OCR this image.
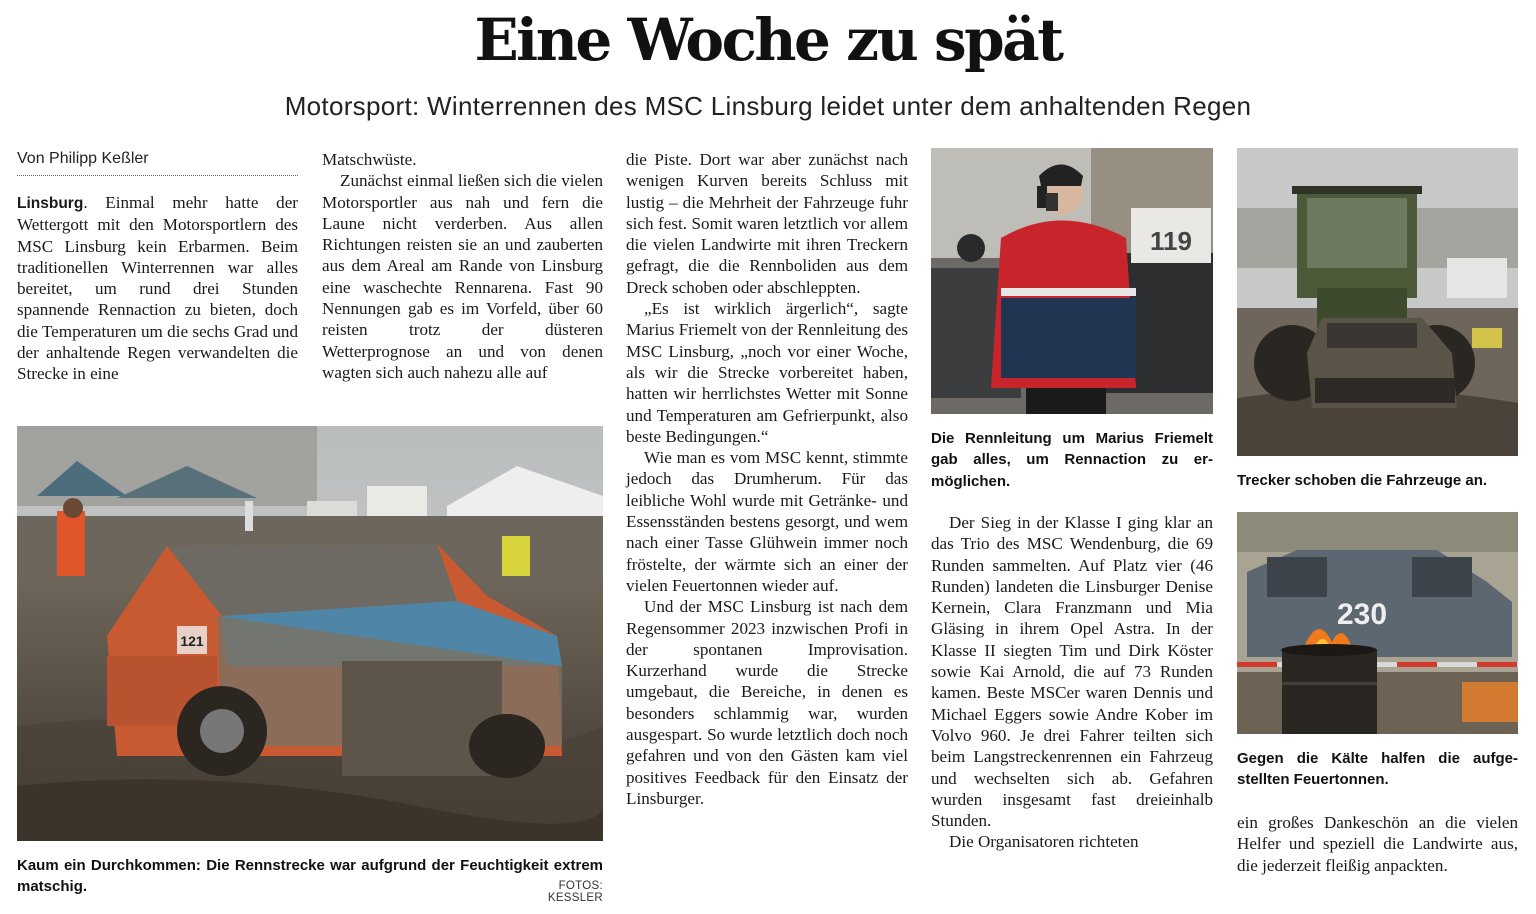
Eine Woche zu spät
Motorsport: Winterrennen des MSC Linsburg leidet unter dem anhaltenden Regen
Von Philipp Keßler

Linsburg. Einmal mehr hatte der Wettergott mit den Motorsportlern des MSC Linsburg kein Erbarmen. Beim traditionellen Winterrennen war alles bereitet, um rund drei Stunden spannende Rennaction zu bieten, doch die Temperaturen um die sechs Grad und der anhaltende Regen verwandelten die Strecke in eine

Matschwüste.

Zunächst einmal ließen sich die vielen Motorsportler aus nah und fern die Laune nicht verderben. Aus allen Richtungen reisten sie an und zauberten aus dem Areal am Rande von Linsburg eine waschechte Rennarena. Fast 90 Nennungen gab es im Vorfeld, über 60 reisten trotz der düsteren Wetterprognose an und von denen wagten sich auch nahezu alle auf

die Piste. Dort war aber zunächst nach wenigen Kurven bereits Schluss mit lustig – die Mehrheit der Fahrzeuge fuhr sich fest. Somit waren letztlich vor allem die vielen Landwirte mit ihren Treckern gefragt, die die Rennboliden aus dem Dreck schoben oder abschleppten.

„Es ist wirklich ärgerlich“, sagte Marius Friemelt von der Rennleitung des MSC Linsburg, „noch vor einer Woche, als wir die Strecke vorbereitet haben, hatten wir herrlichstes Wetter mit Sonne und Temperaturen am Gefrierpunkt, also beste Bedingungen.“

Wie man es vom MSC kennt, stimmte jedoch das Drumherum. Für das leibliche Wohl wurde mit Getränke- und Essensständen bestens gesorgt, und wem nach einer Tasse Glühwein immer noch fröstelte, der wärmte sich an einer der vielen Feuertonnen wieder auf.

Und der MSC Linsburg ist nach dem Regensommer 2023 inzwischen Profi in der spontanen Improvisation. Kurzerhand wurde die Strecke umgebaut, die Bereiche, in denen es besonders schlammig war, wurden ausgespart. So wurde letztlich doch noch gefahren und von den Gästen kam viel positives Feedback für den Einsatz der Linsburger.

Der Sieg in der Klasse I ging klar an das Trio des MSC Wendenburg, die 69 Runden sammelten. Auf Platz vier (46 Runden) landeten die Linsburger Denise Kernein, Clara Franzmann und Mia Gläsing in ihrem Opel Astra. In der Klasse II siegten Tim und Dirk Köster sowie Kai Arnold, die auf 73 Runden kamen. Beste MSCer waren Dennis und Michael Eggers sowie Andre Kober im Volvo 960. Je drei Fahrer teilten sich beim Langstreckenrennen ein Fahrzeug und wechselten sich ab. Gefahren wurden insgesamt fast dreieinhalb Stunden.

Die Organisatoren richteten

ein großes Dankeschön an die vielen Helfer und speziell die Landwirte aus, die jederzeit fleißig anpackten.

121
Kaum ein Durchkommen: Die Rennstrecke war aufgrund der Feuchtigkeit extrem matschig.	FOTOS: KESSLER
119
Die Rennleitung um Marius Friemelt gab alles, um Rennaction zu ermöglichen.	Trecker schoben die Fahrzeuge an.
230
Gegen die Kälte halfen die aufgestellten Feuertonnen.
